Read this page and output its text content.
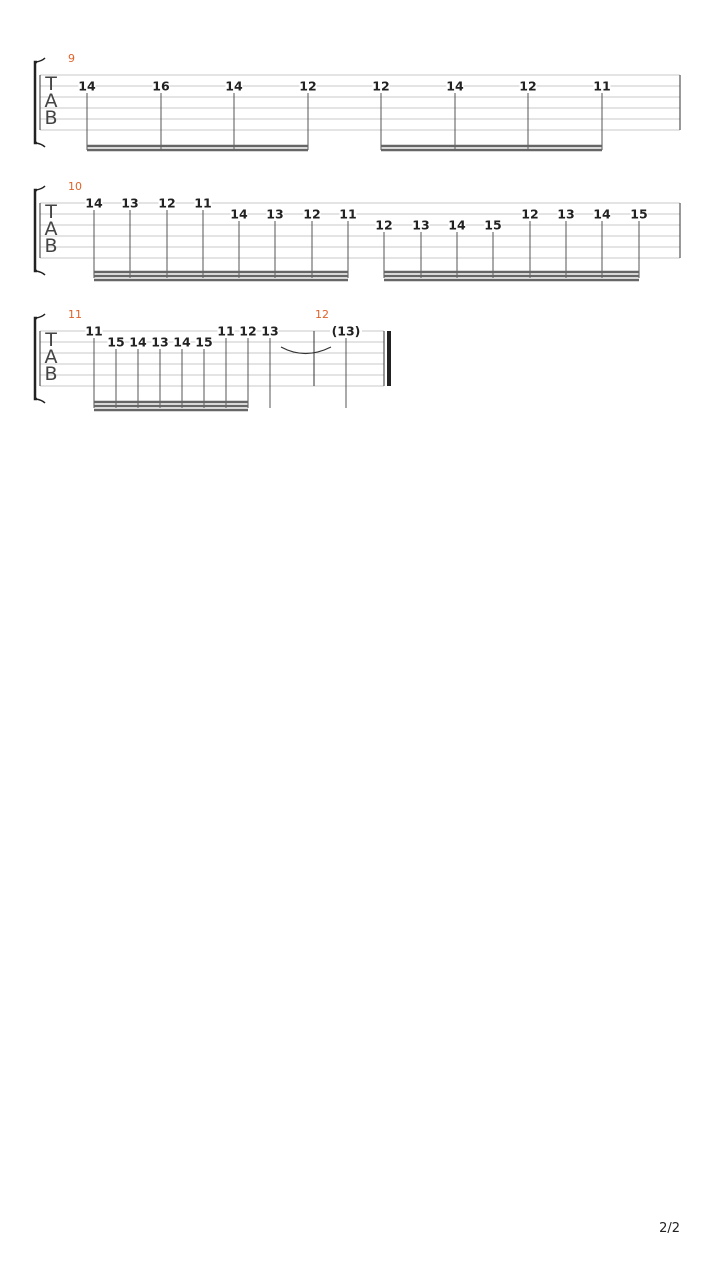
T
A
B
9
14	16	14	12	12	14	12	11
T
A
B
10
14 13 12 11
14 13 12 11
12 13 14 15
12 13 14 15
T
A
B
11
11
15 14 13 14 15
11 12 13
12
(13)
2/2
